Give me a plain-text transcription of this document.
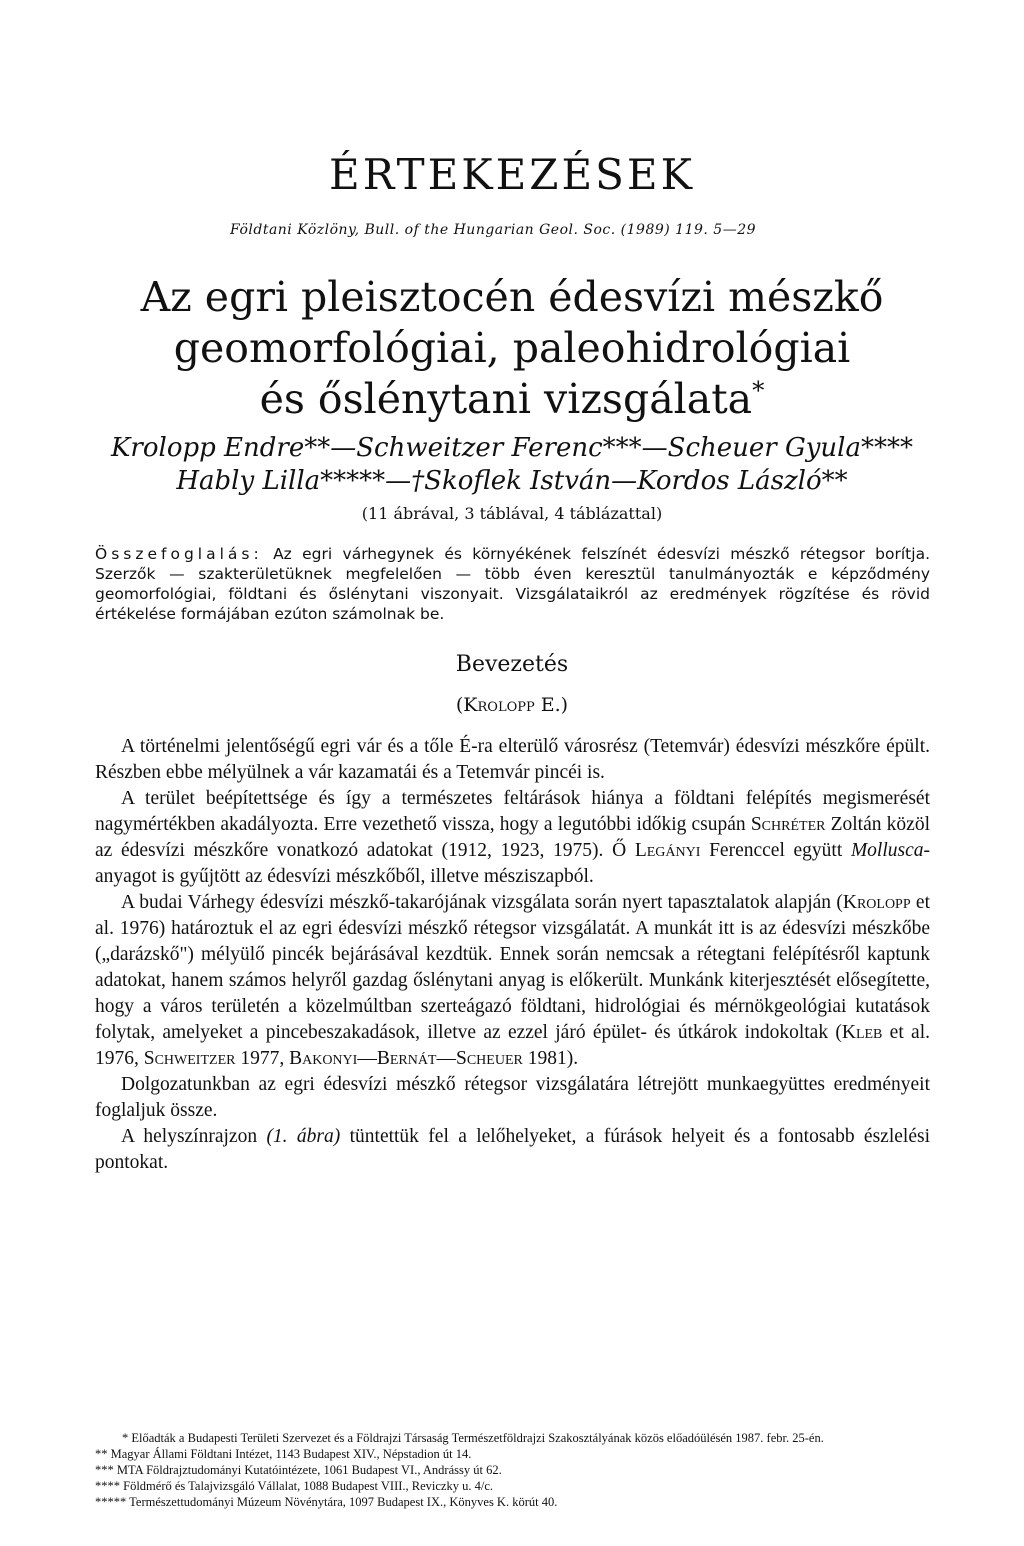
ÉRTEKEZÉSEK
Földtani Közlöny, Bull. of the Hungarian Geol. Soc. (1989) 119. 5—29
Az egri pleisztocén édesvízi mészkő
geomorfológiai, paleohidrológiai
és őslénytani vizsgálata*
Krolopp Endre**—Schweitzer Ferenc***—Scheuer Gyula****
Hably Lilla*****—†Skoflek István—Kordos László**
(11 ábrával, 3 táblával, 4 táblázattal)
Összefoglalás: Az egri várhegynek és környékének felszínét édesvízi mészkő rétegsor borítja. Szerzők — szakterületüknek megfelelően — több éven keresztül tanulmányozták e képződmény geomorfológiai, földtani és őslénytani viszonyait. Vizsgálataikról az eredmények rögzítése és rövid értékelése formájában ezúton számolnak be.
Bevezetés
(Krolopp E.)

A történelmi jelentőségű egri vár és a tőle É-ra elterülő városrész (Tetemvár) édesvízi mészkőre épült. Részben ebbe mélyülnek a vár kazamatái és a Tetemvár pincéi is.

A terület beépítettsége és így a természetes feltárások hiánya a földtani felépítés megismerését nagymértékben akadályozta. Erre vezethető vissza, hogy a legutóbbi időkig csupán Schréter Zoltán közöl az édesvízi mészkőre vonatkozó adatokat (1912, 1923, 1975). Ő Legányi Ferenccel együtt Mollusca-anyagot is gyűjtött az édesvízi mészkőből, illetve mésziszapból.

A budai Várhegy édesvízi mészkő-takarójának vizsgálata során nyert tapasztalatok alapján (Krolopp et al. 1976) határoztuk el az egri édesvízi mészkő rétegsor vizsgálatát. A munkát itt is az édesvízi mészkőbe („darázskő") mélyülő pincék bejárásával kezdtük. Ennek során nemcsak a rétegtani felépítésről kaptunk adatokat, hanem számos helyről gazdag őslénytani anyag is előkerült. Munkánk kiterjesztését elősegítette, hogy a város területén a közelmúltban szerteágazó földtani, hidrológiai és mérnökgeológiai kutatások folytak, amelyeket a pincebeszakadások, illetve az ezzel járó épület- és útkárok indokoltak (Kleb et al. 1976, Schweitzer 1977, Bakonyi—Bernát—Scheuer 1981).

Dolgozatunkban az egri édesvízi mészkő rétegsor vizsgálatára létrejött munkaegyüttes eredményeit foglaljuk össze.

A helyszínrajzon (1. ábra) tüntettük fel a lelőhelyeket, a fúrások helyeit és a fontosabb észlelési pontokat.

* Előadták a Budapesti Területi Szervezet és a Földrajzi Társaság Természetföldrajzi Szakosztályának közös előadóülésén 1987. febr. 25-én.
** Magyar Állami Földtani Intézet, 1143 Budapest XIV., Népstadion út 14.
*** MTA Földrajztudományi Kutatóintézete, 1061 Budapest VI., Andrássy út 62.
**** Földmérő és Talajvizsgáló Vállalat, 1088 Budapest VIII., Reviczky u. 4/c.
***** Természettudományi Múzeum Növénytára, 1097 Budapest IX., Könyves K. körút 40.
